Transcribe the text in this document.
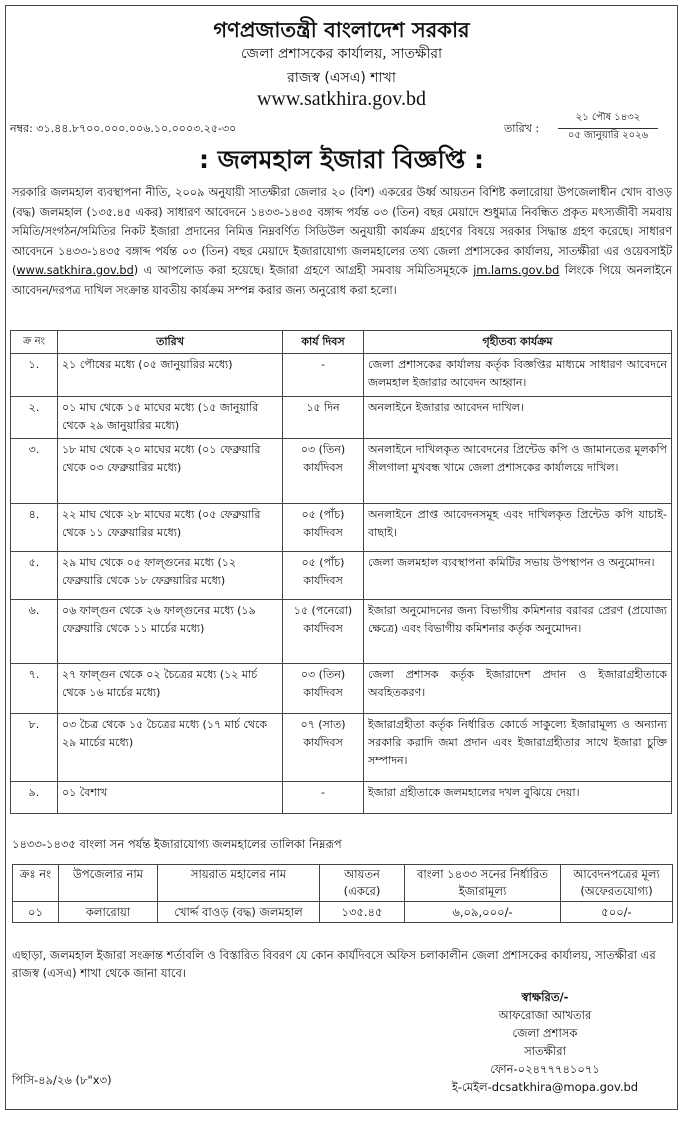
গণপ্রজাতন্ত্রী বাংলাদেশ সরকার
জেলা প্রশাসকের কার্যালয়, সাতক্ষীরা
রাজস্ব (এসএ) শাখা
www.satkhira.gov.bd
নম্বর: ৩১.৪৪.৮৭০০.০০০.০০৬.১০.০০০৩.২৫-৩০	তারিখ :
২১ পৌষ ১৪৩২
০৫ জানুয়ারি ২০২৬
: জলমহাল ইজারা বিজ্ঞপ্তি :
সরকারি জলমহাল ব্যবস্থাপনা নীতি, ২০০৯ অনুযায়ী সাতক্ষীরা জেলার ২০ (বিশ) একরের উর্ধ্ব আয়তন বিশিষ্ট কলারোয়া উপজেলাধীন খোদ বাওড় (বদ্ধ) জলমহাল (১৩৫.৪৫ একর) সাধারণ আবেদনে ১৪৩৩-১৪৩৫ বঙ্গাব্দ পর্যন্ত ০৩ (তিন) বছর মেয়াদে শুধুমাত্র নিবন্ধিত প্রকৃত মৎস্যজীবী সমবায় সমিতি/সংগঠন/সমিতির নিকট ইজারা প্রদানের নিমিত্ত নিম্নবর্ণিত সিডিউল অনুযায়ী কার্যক্রম গ্রহণের বিষয়ে সরকার সিদ্ধান্ত গ্রহণ করেছে। সাধারণ আবেদনে ১৪৩৩-১৪৩৫ বঙ্গাব্দ পর্যন্ত ০৩ (তিন) বছর মেয়াদে ইজারাযোগ্য জলমহালের তথ্য জেলা প্রশাসকের কার্যালয়, সাতক্ষীরা এর ওয়েবসাইট (www.satkhira.gov.bd) এ আপলোড করা হয়েছে। ইজারা গ্রহণে আগ্রহী সমবায় সমিতিসমূহকে jm.lams.gov.bd লিংকে গিয়ে অনলাইনে আবেদন/দরপত্র দাখিল সংক্রান্ত যাবতীয় কার্যক্রম সম্পন্ন করার জন্য অনুরোধ করা হলো।
ক্র নং	তারিখ	কার্য দিবস	গৃহীতব্য কার্যক্রম
১.	২১ পৌষের মধ্যে (০৫ জানুয়ারির মধ্যে)	-	জেলা প্রশাসকের কার্যালয় কর্তৃক বিজ্ঞপ্তির মাধ্যমে সাধারণ আবেদনে জলমহাল ইজারার আবেদন আহ্বান।
২.	০১ মাঘ থেকে ১৫ মাঘের মধ্যে (১৫ জানুয়ারি থেকে ২৯ জানুয়ারির মধ্যে)	১৫ দিন	অনলাইনে ইজারার আবেদন দাখিল।
৩.	১৮ মাঘ থেকে ২০ মাঘের মধ্যে (০১ ফেব্রুয়ারি থেকে ০৩ ফেব্রুয়ারির মধ্যে)	০৩ (তিন) কার্যদিবস	অনলাইনে দাখিলকৃত আবেদনের প্রিন্টেড কপি ও জামানতের মূলকপি সীলগালা মুখবন্ধ খামে জেলা প্রশাসকের কার্যালয়ে দাখিল।
৪.	২২ মাঘ থেকে ২৮ মাঘের মধ্যে (০৫ ফেব্রুয়ারি থেকে ১১ ফেব্রুয়ারির মধ্যে)	০৫ (পাঁচ) কার্যদিবস	অনলাইনে প্রাপ্ত আবেদনসমূহ এবং দাখিলকৃত প্রিন্টেড কপি যাচাই-বাছাই।
৫.	২৯ মাঘ থেকে ০৫ ফাল্গুনের মধ্যে (১২ ফেব্রুয়ারি থেকে ১৮ ফেব্রুয়ারির মধ্যে)	০৫ (পাঁচ) কার্যদিবস	জেলা জলমহাল ব্যবস্থাপনা কমিটির সভায় উপস্থাপন ও অনুমোদন।
৬.	০৬ ফাল্গুন থেকে ২৬ ফাল্গুনের মধ্যে (১৯ ফেব্রুয়ারি থেকে ১১ মার্চের মধ্যে)	১৫ (পনেরো) কার্যদিবস	ইজারা অনুমোদনের জন্য বিভাগীয় কমিশনার বরাবর প্রেরণ (প্রযোজ্য ক্ষেত্রে) এবং বিভাগীয় কমিশনার কর্তৃক অনুমোদন।
৭.	২৭ ফাল্গুন থেকে ০২ চৈত্রের মধ্যে (১২ মার্চ থেকে ১৬ মার্চের মধ্যে)	০৩ (তিন) কার্যদিবস	জেলা প্রশাসক কর্তৃক ইজারাদেশ প্রদান ও ইজারাগ্রহীতাকে অবহিতকরণ।
৮.	০৩ চৈত্র থেকে ১৫ চৈত্রের মধ্যে (১৭ মার্চ থেকে ২৯ মার্চের মধ্যে)	০৭ (সাত) কার্যদিবস	ইজারাগ্রহীতা কর্তৃক নির্ধারিত কোর্ডে সাকুল্যে ইজারামূল্য ও অন্যান্য সরকারি করাদি জমা প্রদান এবং ইজারাগ্রহীতার সাথে ইজারা চুক্তি সম্পাদন।
৯.	০১ বৈশাখ	-	ইজারা গ্রহীতাকে জলমহালের দখল বুঝিয়ে দেয়া।
১৪৩৩-১৪৩৫ বাংলা সন পর্যন্ত ইজারাযোগ্য জলমহালের তালিকা নিম্নরূপ
ক্রঃ নং	উপজেলার নাম	সায়রাত মহালের নাম	আয়তন (একরে)	বাংলা ১৪৩৩ সনের নির্ধারিত ইজারামূল্য	আবেদনপত্রের মূল্য (অফেরতযোগ্য)
০১	কলারোয়া	খোর্দ্দ বাওড় (বদ্ধ) জলমহাল	১৩৫.৪৫	৬,০৯,০০০/-	৫০০/-
এছাড়া, জলমহাল ইজারা সংক্রান্ত শর্তাবলি ও বিস্তারিত বিবরণ যে কোন কার্যদিবসে অফিস চলাকালীন জেলা প্রশাসকের কার্যালয়, সাতক্ষীরা এর রাজস্ব (এসএ) শাখা থেকে জানা যাবে।
স্বাক্ষরিত/-
আফরোজা আখতার
জেলা প্রশাসক
সাতক্ষীরা
ফোন-০২৪৭৭৭৪১০৭১
ই-মেইল-dcsatkhira@mopa.gov.bd
পিসি-৪৯/২৬ (৮"x৩)
